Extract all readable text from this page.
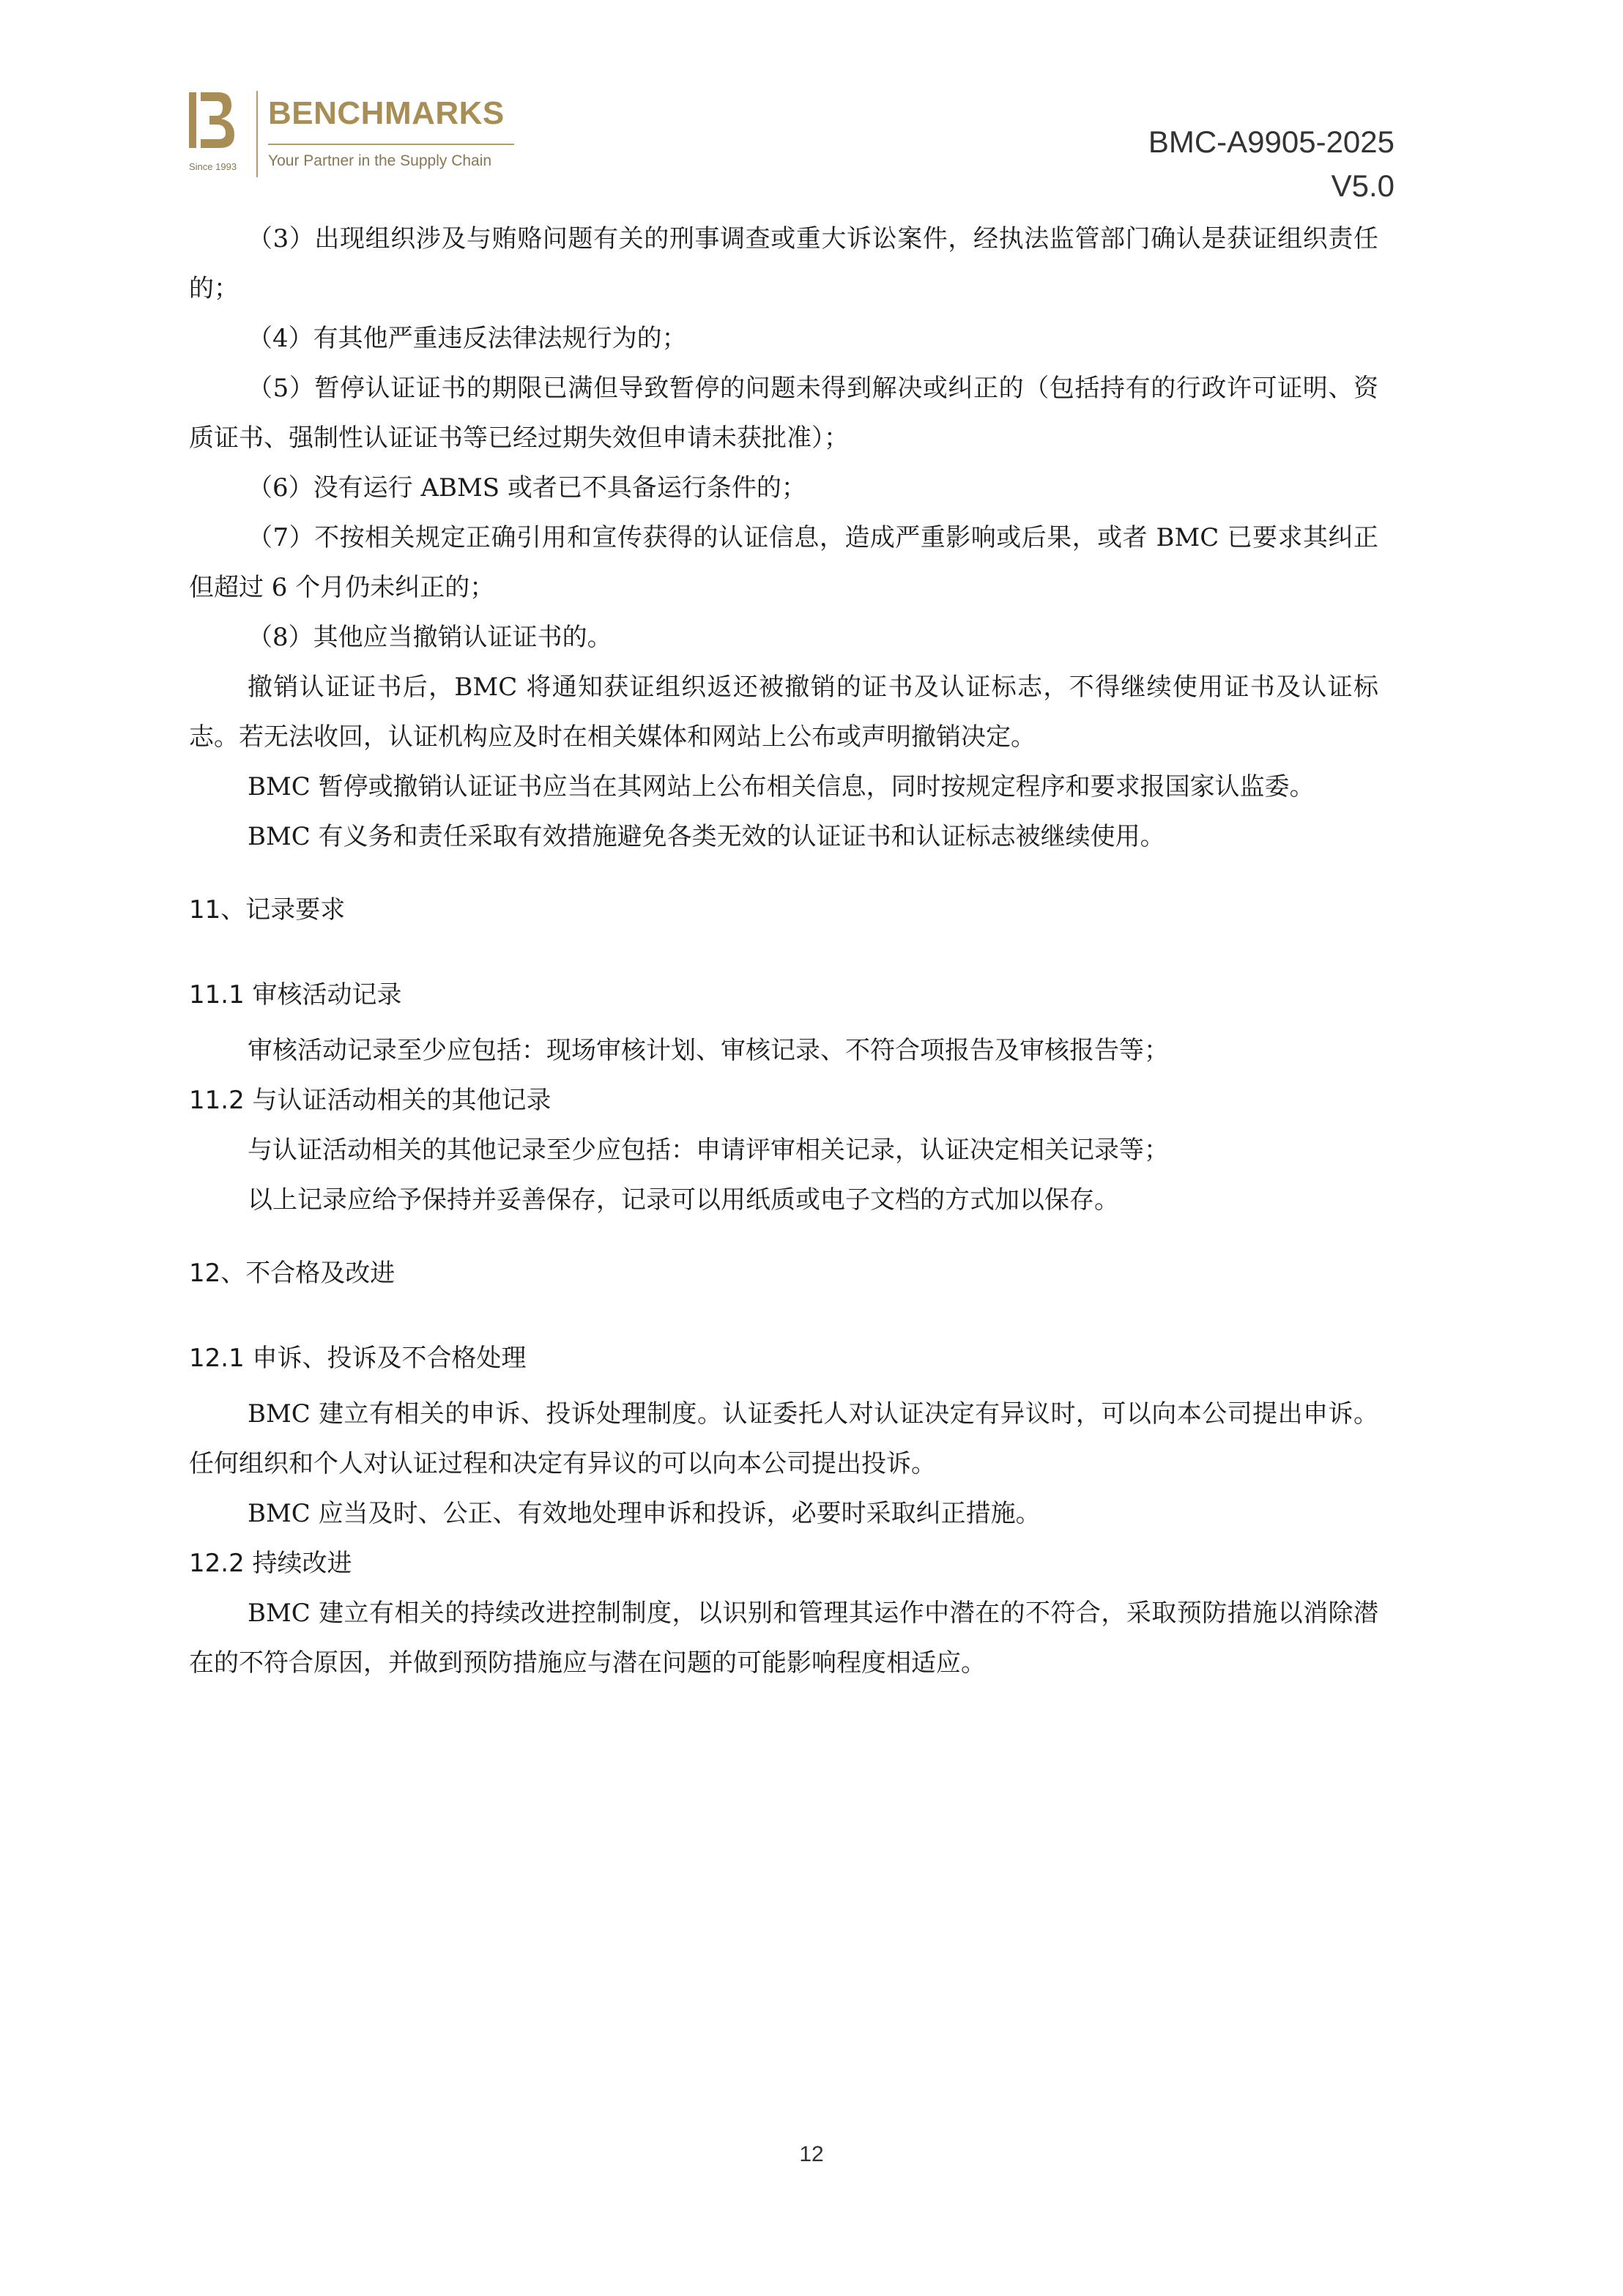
Since 1993
BENCHMARKS
Your Partner in the Supply Chain
BMC-A9905-2025
V5.0

（3）出现组织涉及与贿赂问题有关的刑事调查或重大诉讼案件，经执法监管部门确认是获证组织责任的；

（4）有其他严重违反法律法规行为的；

（5）暂停认证证书的期限已满但导致暂停的问题未得到解决或纠正的（包括持有的行政许可证明、资质证书、强制性认证证书等已经过期失效但申请未获批准）；

（6）没有运行 ABMS 或者已不具备运行条件的；

（7）不按相关规定正确引用和宣传获得的认证信息，造成严重影响或后果，或者 BMC 已要求其纠正但超过 6 个月仍未纠正的；

（8）其他应当撤销认证证书的。

撤销认证证书后，BMC 将通知获证组织返还被撤销的证书及认证标志，不得继续使用证书及认证标志。若无法收回，认证机构应及时在相关媒体和网站上公布或声明撤销决定。

BMC 暂停或撤销认证证书应当在其网站上公布相关信息，同时按规定程序和要求报国家认监委。

BMC 有义务和责任采取有效措施避免各类无效的认证证书和认证标志被继续使用。

11、记录要求
11.1 审核活动记录

审核活动记录至少应包括：现场审核计划、审核记录、不符合项报告及审核报告等；

11.2 与认证活动相关的其他记录

与认证活动相关的其他记录至少应包括：申请评审相关记录，认证决定相关记录等；

以上记录应给予保持并妥善保存，记录可以用纸质或电子文档的方式加以保存。

12、不合格及改进
12.1 申诉、投诉及不合格处理

BMC 建立有相关的申诉、投诉处理制度。认证委托人对认证决定有异议时，可以向本公司提出申诉。任何组织和个人对认证过程和决定有异议的可以向本公司提出投诉。

BMC 应当及时、公正、有效地处理申诉和投诉，必要时采取纠正措施。

12.2 持续改进

BMC 建立有相关的持续改进控制制度，以识别和管理其运作中潜在的不符合，采取预防措施以消除潜在的不符合原因，并做到预防措施应与潜在问题的可能影响程度相适应。

12
